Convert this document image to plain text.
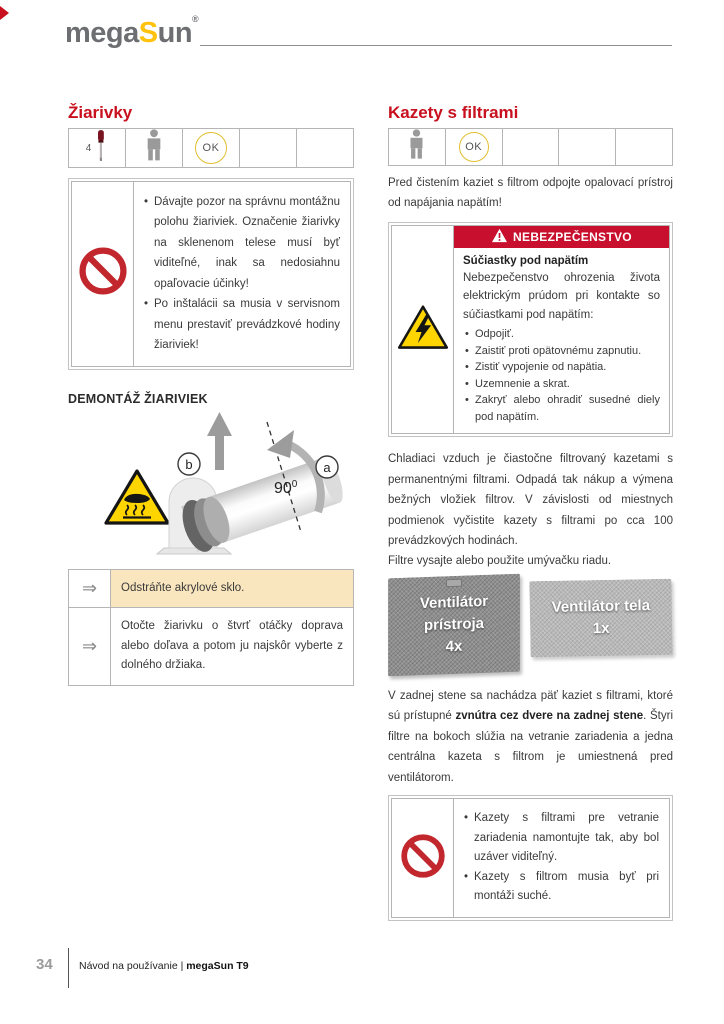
megaSun®
Žiarivky
4	OK
• Dávajte pozor na správnu montážnu polohu žiariviek. Označenie žiarivky na sklenenom telese musí byť viditeľné, inak sa nedosiahnu opaľovacie účinky!
• Po inštalácii sa musia v servisnom menu prestaviť prevádzkové hodiny žiariviek!
DEMONTÁŽ ŽIARIVIEK
b	a
$90^0$
⇒	Odstráňte akrylové sklo.
⇒
Otočte žiarivku o štvrť otáčky doprava alebo doľava a potom ju najskôr vyberte z dolného držiaka.
Kazety s filtrami
OK

Pred čistením kaziet s filtrom odpojte opalovací prístroj od napájania napätím!

NEBEZPEČENSTVO
Súčiastky pod napätím
Nebezpečenstvo ohrozenia života elektrickým prúdom pri kontakte so súčiastkami pod napätím:
• Odpojiť.
• Zaistiť proti opätovnému zapnutiu.
• Zistiť vypojenie od napätia.
• Uzemnenie a skrat.
• Zakryť alebo ohradiť susedné diely pod napätím.

Chladiaci vzduch je čiastočne filtrovaný kazetami s permanentnými filtrami. Odpadá tak nákup a výmena bežných vložiek filtrov. V závislosti od miestnych podmienok vyčistite kazety s filtrami po cca 100 prevádzkových hodinách.

Filtre vysajte alebo použite umývačku riadu.

Ventilátor
prístroja
4x
Ventilátor tela
1x

V zadnej stene sa nachádza päť kaziet s filtrami, ktoré sú prístupné zvnútra cez dvere na zadnej stene. Štyri filtre na bokoch slúžia na vetranie zariadenia a jedna centrálna kazeta s filtrom je umiestnená pred ventilátorom.

• Kazety s filtrami pre vetranie zariadenia namontujte tak, aby bol uzáver viditeľný.
• Kazety s filtrom musia byť pri montáži suché.
34	Návod na používanie | megaSun T9
